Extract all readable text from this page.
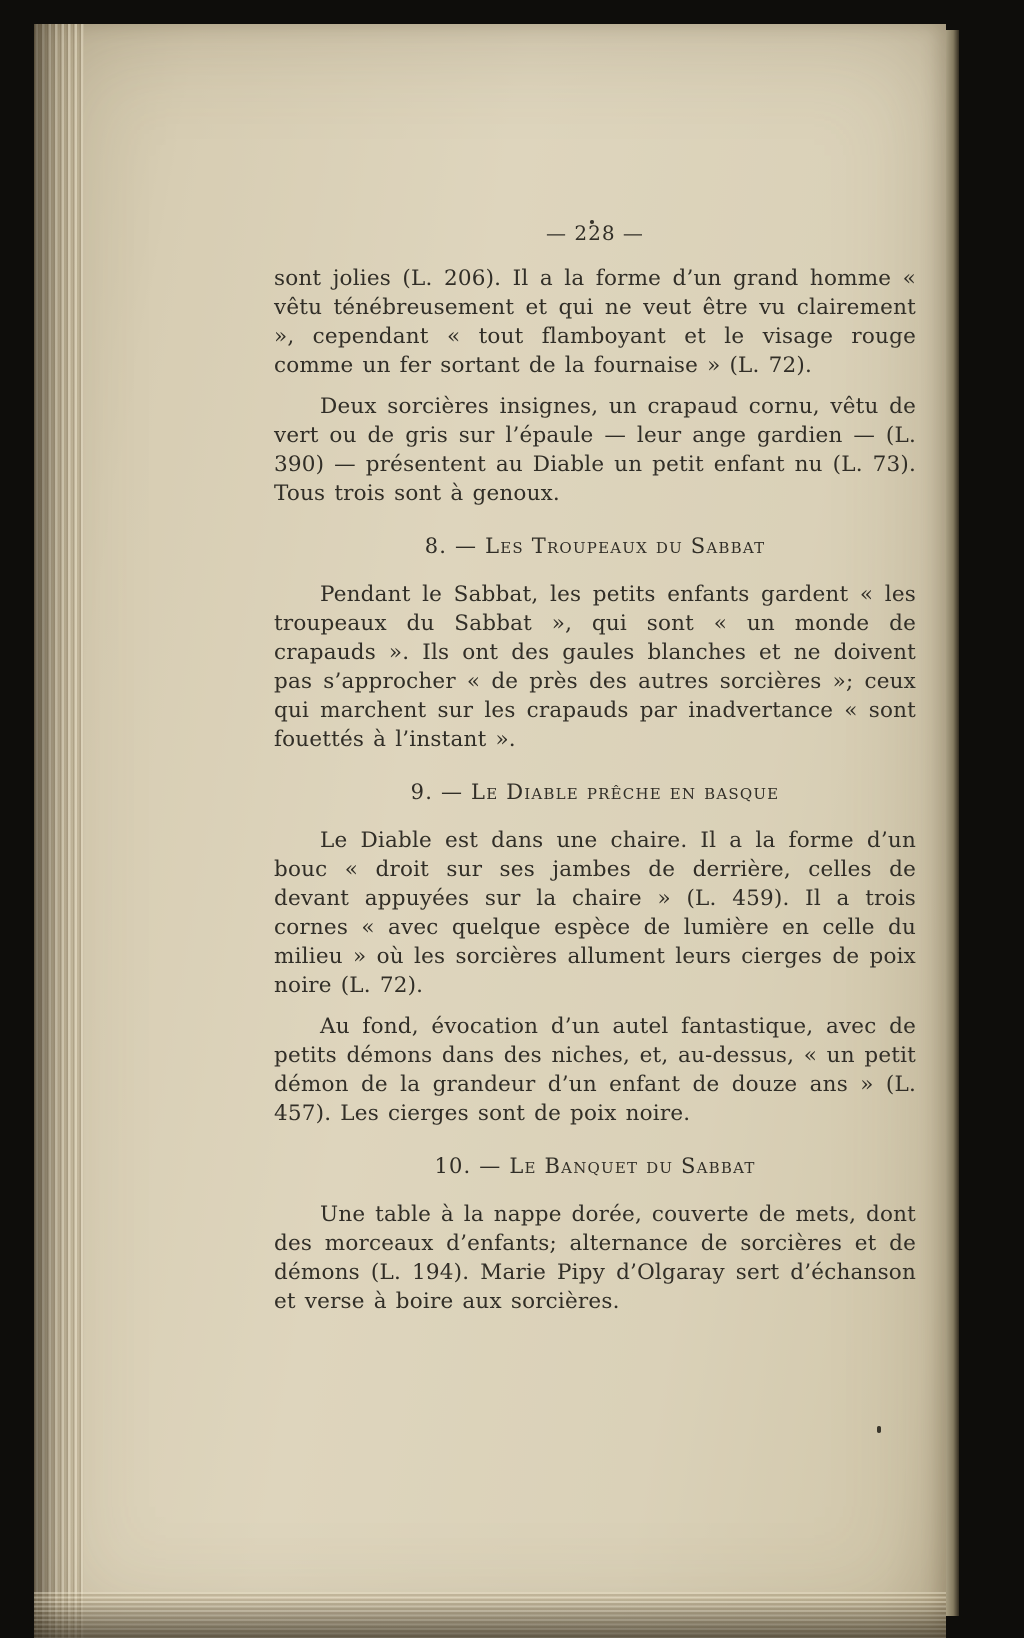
— 228 —

sont jolies (L. 206). Il a la forme d’un grand homme « vêtu ténébreusement et qui ne veut être vu clairement », cependant « tout flamboyant et le visage rouge comme un fer sortant de la fournaise » (L. 72).

Deux sorcières insignes, un crapaud cornu, vêtu de vert ou de gris sur l’épaule — leur ange gardien — (L. 390) — présentent au Diable un petit enfant nu (L. 73). Tous trois sont à genoux.

8. — Les Troupeaux du Sabbat

Pendant le Sabbat, les petits enfants gardent « les troupeaux du Sabbat », qui sont « un monde de crapauds ». Ils ont des gaules blanches et ne doivent pas s’approcher « de près des autres sorcières »; ceux qui marchent sur les crapauds par inadvertance « sont fouettés à l’instant ».

9. — Le Diable prêche en basque

Le Diable est dans une chaire. Il a la forme d’un bouc « droit sur ses jambes de derrière, celles de devant appuyées sur la chaire » (L. 459). Il a trois cornes « avec quelque espèce de lumière en celle du milieu » où les sorcières allument leurs cierges de poix noire (L. 72).

Au fond, évocation d’un autel fantastique, avec de petits démons dans des niches, et, au-dessus, « un petit démon de la grandeur d’un enfant de douze ans » (L. 457). Les cierges sont de poix noire.

10. — Le Banquet du Sabbat

Une table à la nappe dorée, couverte de mets, dont des morceaux d’enfants; alternance de sorcières et de démons (L. 194). Marie Pipy d’Olgaray sert d’échanson et verse à boire aux sorcières.
